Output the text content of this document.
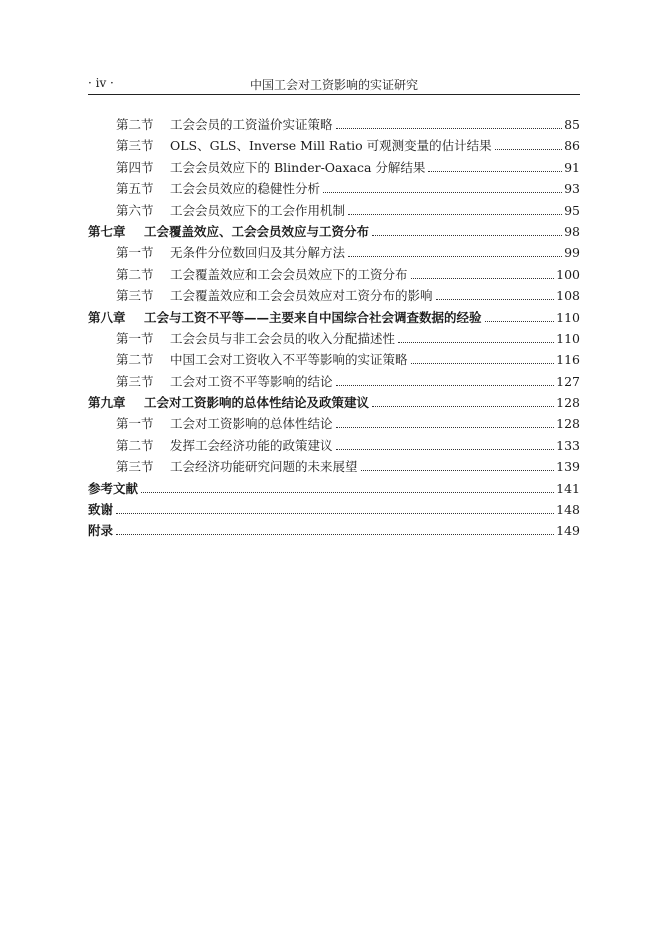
· iv ·	中国工会对工资影响的实证研究
第二节	工会会员的工资溢价实证策略	85
第三节	OLS、GLS、Inverse Mill Ratio 可观测变量的估计结果	86
第四节	工会会员效应下的 Blinder-Oaxaca 分解结果	91
第五节	工会会员效应的稳健性分析	93
第六节	工会会员效应下的工会作用机制	95
第七章	工会覆盖效应、工会会员效应与工资分布	98
第一节	无条件分位数回归及其分解方法	99
第二节	工会覆盖效应和工会会员效应下的工资分布	100
第三节	工会覆盖效应和工会会员效应对工资分布的影响	108
第八章	工会与工资不平等——主要来自中国综合社会调查数据的经验	110
第一节	工会会员与非工会会员的收入分配描述性	110
第二节	中国工会对工资收入不平等影响的实证策略	116
第三节	工会对工资不平等影响的结论	127
第九章	工会对工资影响的总体性结论及政策建议	128
第一节	工会对工资影响的总体性结论	128
第二节	发挥工会经济功能的政策建议	133
第三节	工会经济功能研究问题的未来展望	139
参考文献	141
致谢	148
附录	149
